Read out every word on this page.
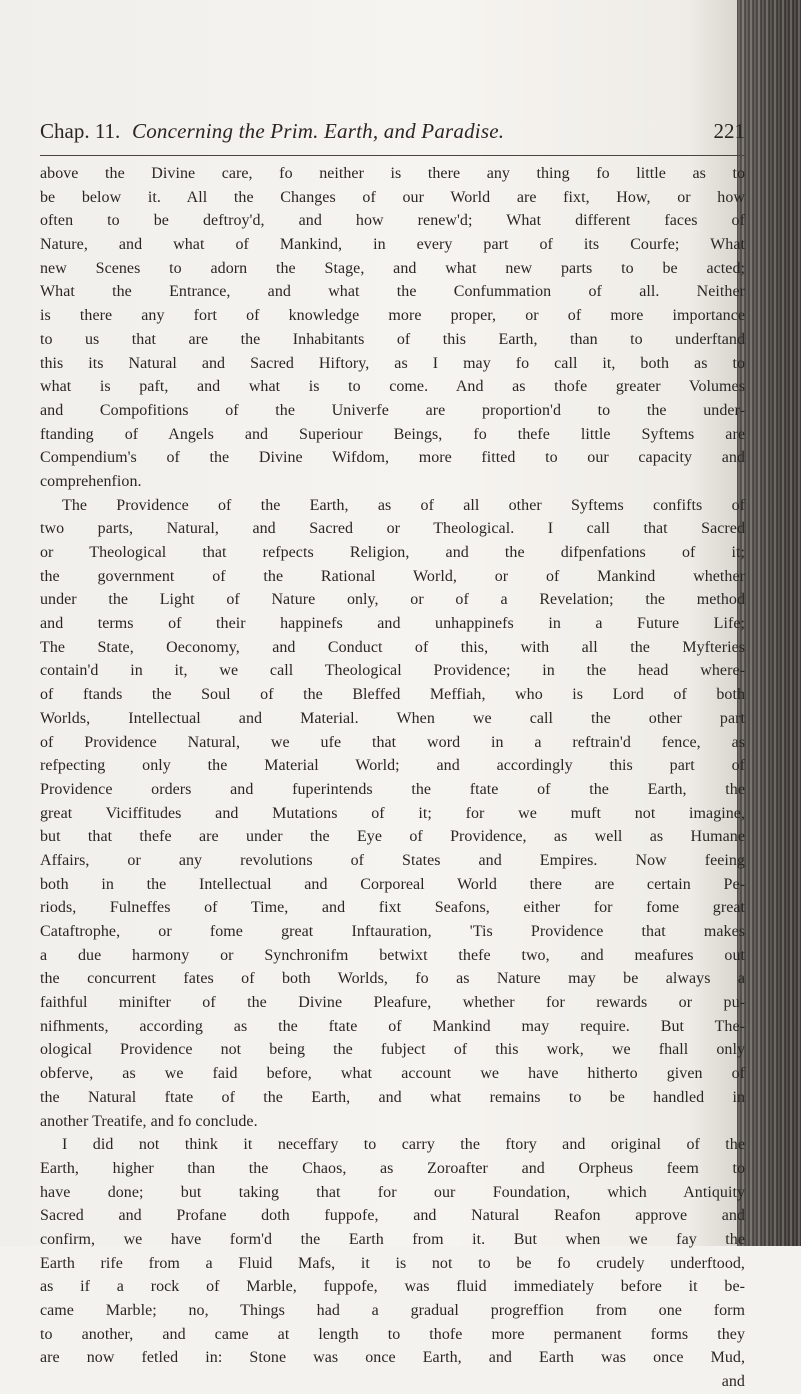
Chap. 11. Concerning the Prim. Earth, and Paradise.	221
above the Divine care, fo neither is there any thing fo little as to
be below it. All the Changes of our World are fixt, How, or how
often to be deftroy'd, and how renew'd; What different faces of
Nature, and what of Mankind, in every part of its Courfe; What
new Scenes to adorn the Stage, and what new parts to be acted;
What the Entrance, and what the Confummation of all. Neither
is there any fort of knowledge more proper, or of more importance
to us that are the Inhabitants of this Earth, than to underftand
this its Natural and Sacred Hiftory, as I may fo call it, both as to
what is paft, and what is to come. And as thofe greater Volumes
and Compofitions of the Univerfe are proportion'd to the under-
ftanding of Angels and Superiour Beings, fo thefe little Syftems are
Compendium's of the Divine Wifdom, more fitted to our capacity and
comprehenfion.
The Providence of the Earth, as of all other Syftems confifts of
two parts, Natural, and Sacred or Theological. I call that Sacred
or Theological that refpects Religion, and the difpenfations of it;
the government of the Rational World, or of Mankind whether
under the Light of Nature only, or of a Revelation; the method
and terms of their happinefs and unhappinefs in a Future Life;
The State, Oeconomy, and Conduct of this, with all the Myfteries
contain'd in it, we call Theological Providence; in the head where-
of ftands the Soul of the Bleffed Meffiah, who is Lord of both
Worlds, Intellectual and Material. When we call the other part
of Providence Natural, we ufe that word in a reftrain'd fence, as
refpecting only the Material World; and accordingly this part of
Providence orders and fuperintends the ftate of the Earth, the
great Viciffitudes and Mutations of it; for we muft not imagine,
but that thefe are under the Eye of Providence, as well as Humane
Affairs, or any revolutions of States and Empires. Now feeing
both in the Intellectual and Corporeal World there are certain Pe-
riods, Fulneffes of Time, and fixt Seafons, either for fome great
Cataftrophe, or fome great Inftauration, 'Tis Providence that makes
a due harmony or Synchronifm betwixt thefe two, and meafures out
the concurrent fates of both Worlds, fo as Nature may be always a
faithful minifter of the Divine Pleafure, whether for rewards or pu-
nifhments, according as the ftate of Mankind may require. But The-
ological Providence not being the fubject of this work, we fhall only
obferve, as we faid before, what account we have hitherto given of
the Natural ftate of the Earth, and what remains to be handled in
another Treatife, and fo conclude.
I did not think it neceffary to carry the ftory and original of the
Earth, higher than the Chaos, as Zoroafter and Orpheus feem to
have done; but taking that for our Foundation, which Antiquity
Sacred and Profane doth fuppofe, and Natural Reafon approve and
confirm, we have form'd the Earth from it. But when we fay the
Earth rife from a Fluid Mafs, it is not to be fo crudely underftood,
as if a rock of Marble, fuppofe, was fluid immediately before it be-
came Marble; no, Things had a gradual progreffion from one form
to another, and came at length to thofe more permanent forms they
are now fetled in: Stone was once Earth, and Earth was once Mud,
and
